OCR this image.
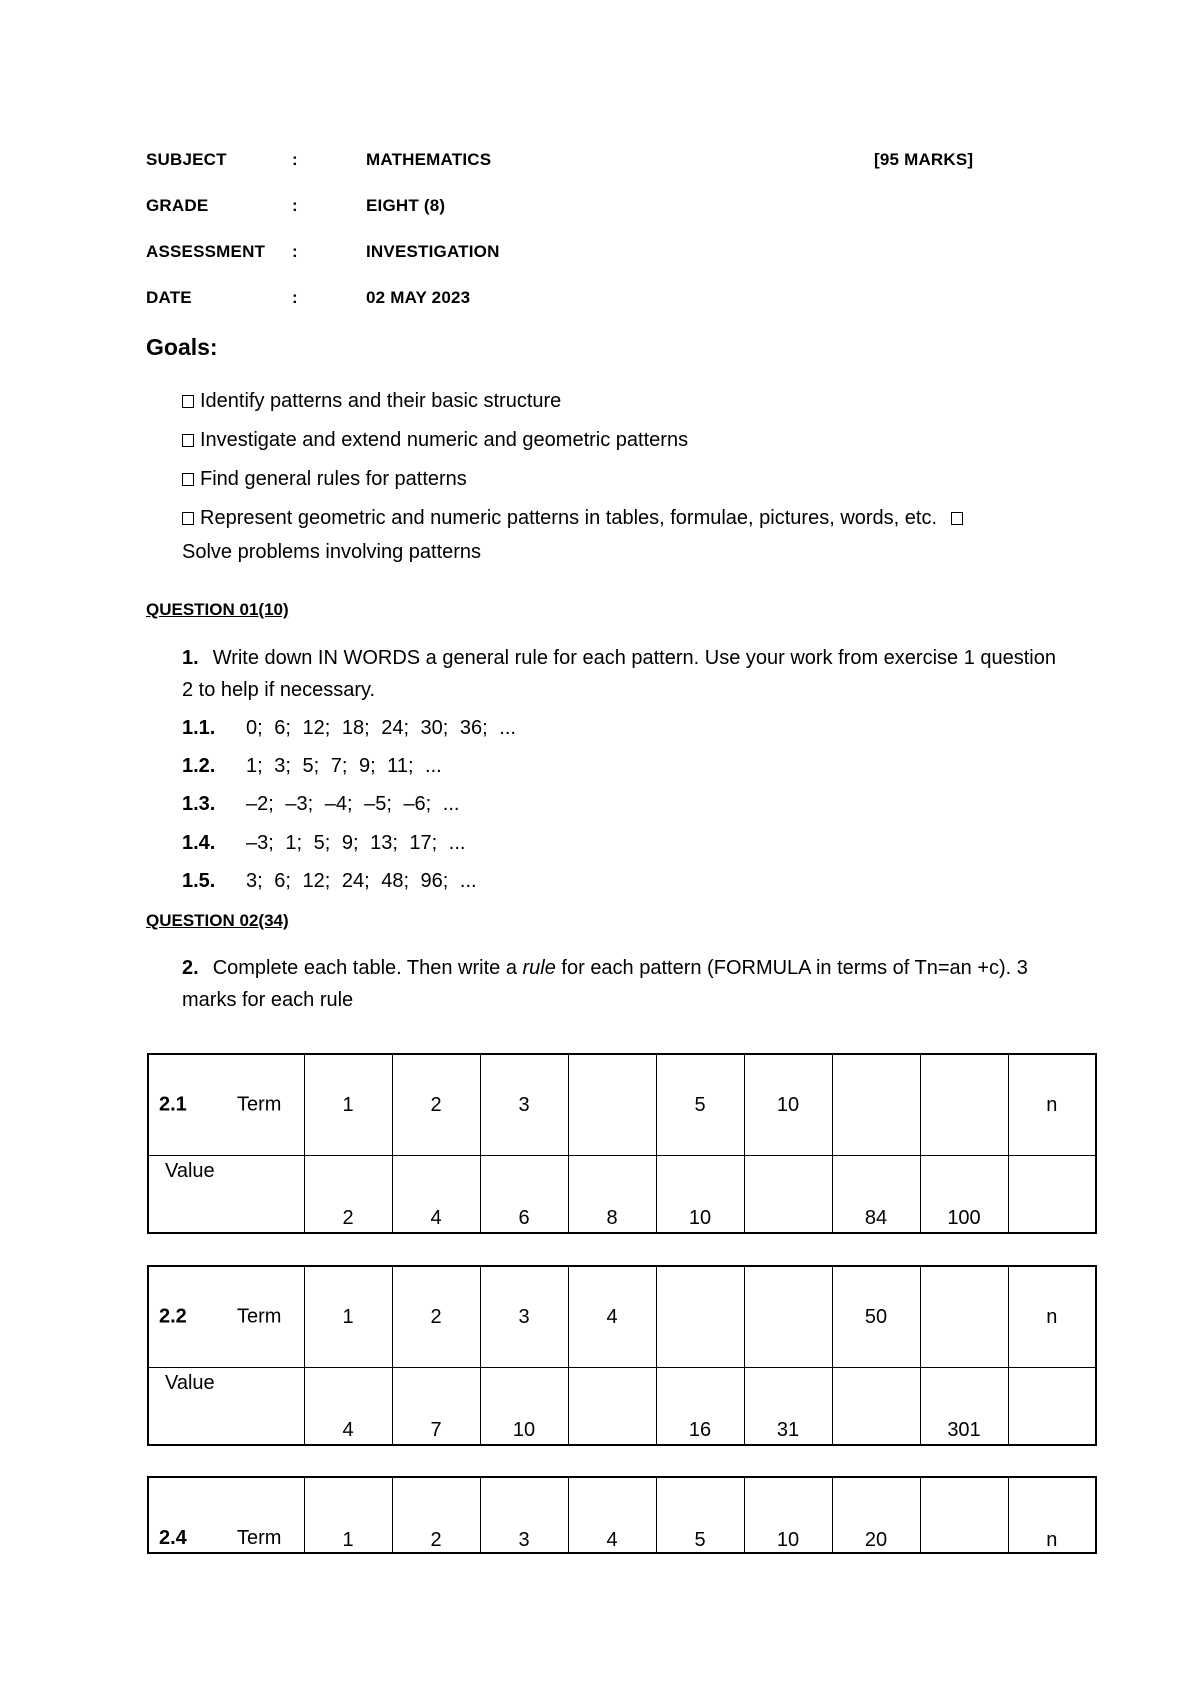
SUBJECT	:	MATHEMATICS	[95 MARKS]
GRADE	:	EIGHT (8)
ASSESSMENT :	INVESTIGATION
DATE	:	02 MAY 2023
Goals:
Identify patterns and their basic structure
Investigate and extend numeric and geometric patterns
Find general rules for patterns
Represent geometric and numeric patterns in tables, formulae, pictures, words, etc.
Solve problems involving patterns
QUESTION 01(10)
1. Write down IN WORDS a general rule for each pattern. Use your work from exercise 1 question 2 to help if necessary.
1.1. 0; 6; 12; 18; 24; 30; 36; ...
1.2. 1; 3; 5; 7; 9; 11; ...
1.3. –2; –3; –4; –5; –6; ...
1.4. –3; 1; 5; 9; 13; 17; ...
1.5. 3; 6; 12; 24; 48; 96; ...
QUESTION 02(34)
2. Complete each table. Then write a rule for each pattern (FORMULA in terms of Tn=an +c). 3 marks for each rule
2.1 Term	1	2	3		5	10			n
Value	2	4	6	8	10		84	100	
2.2 Term	1	2	3	4			50		n
Value	4	7	10		16	31		301	
2.4	Term	1	2	3	4	5	10	20		n
